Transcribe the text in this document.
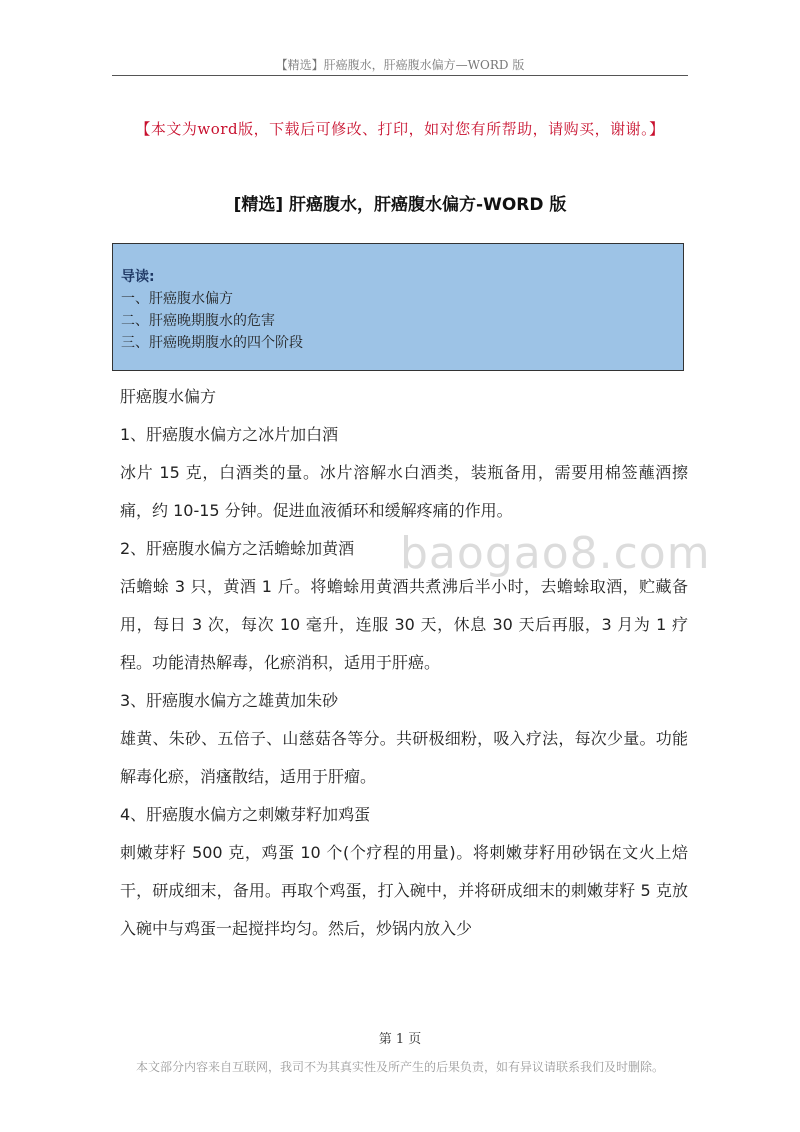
【精选】肝癌腹水，肝癌腹水偏方—WORD 版
【本文为word版，下载后可修改、打印，如对您有所帮助，请购买，谢谢。】
[精选] 肝癌腹水，肝癌腹水偏方-WORD 版
导读:
一、肝癌腹水偏方
二、肝癌晚期腹水的危害
三、肝癌晚期腹水的四个阶段
baogao8.com

肝癌腹水偏方

1、肝癌腹水偏方之冰片加白酒

冰片 15 克，白酒类的量。冰片溶解水白酒类，装瓶备用，需要用棉签蘸酒擦痛，约 10-15 分钟。促进血液循环和缓解疼痛的作用。

2、肝癌腹水偏方之活蟾蜍加黄酒

活蟾蜍 3 只，黄酒 1 斤。将蟾蜍用黄酒共煮沸后半小时，去蟾蜍取酒，贮藏备用，每日 3 次，每次 10 毫升，连服 30 天，休息 30 天后再服，3 月为 1 疗程。功能清热解毒，化瘀消积，适用于肝癌。

3、肝癌腹水偏方之雄黄加朱砂

雄黄、朱砂、五倍子、山慈菇各等分。共研极细粉，吸入疗法，每次少量。功能解毒化瘀，消瘙散结，适用于肝瘤。

4、肝癌腹水偏方之刺嫩芽籽加鸡蛋

刺嫩芽籽 500 克，鸡蛋 10 个(个疗程的用量)。将刺嫩芽籽用砂锅在文火上焙干，研成细末，备用。再取个鸡蛋，打入碗中，并将研成细末的刺嫩芽籽 5 克放入碗中与鸡蛋一起搅拌均匀。然后，炒锅内放入少

第 1 页
本文部分内容来自互联网，我司不为其真实性及所产生的后果负责，如有异议请联系我们及时删除。
